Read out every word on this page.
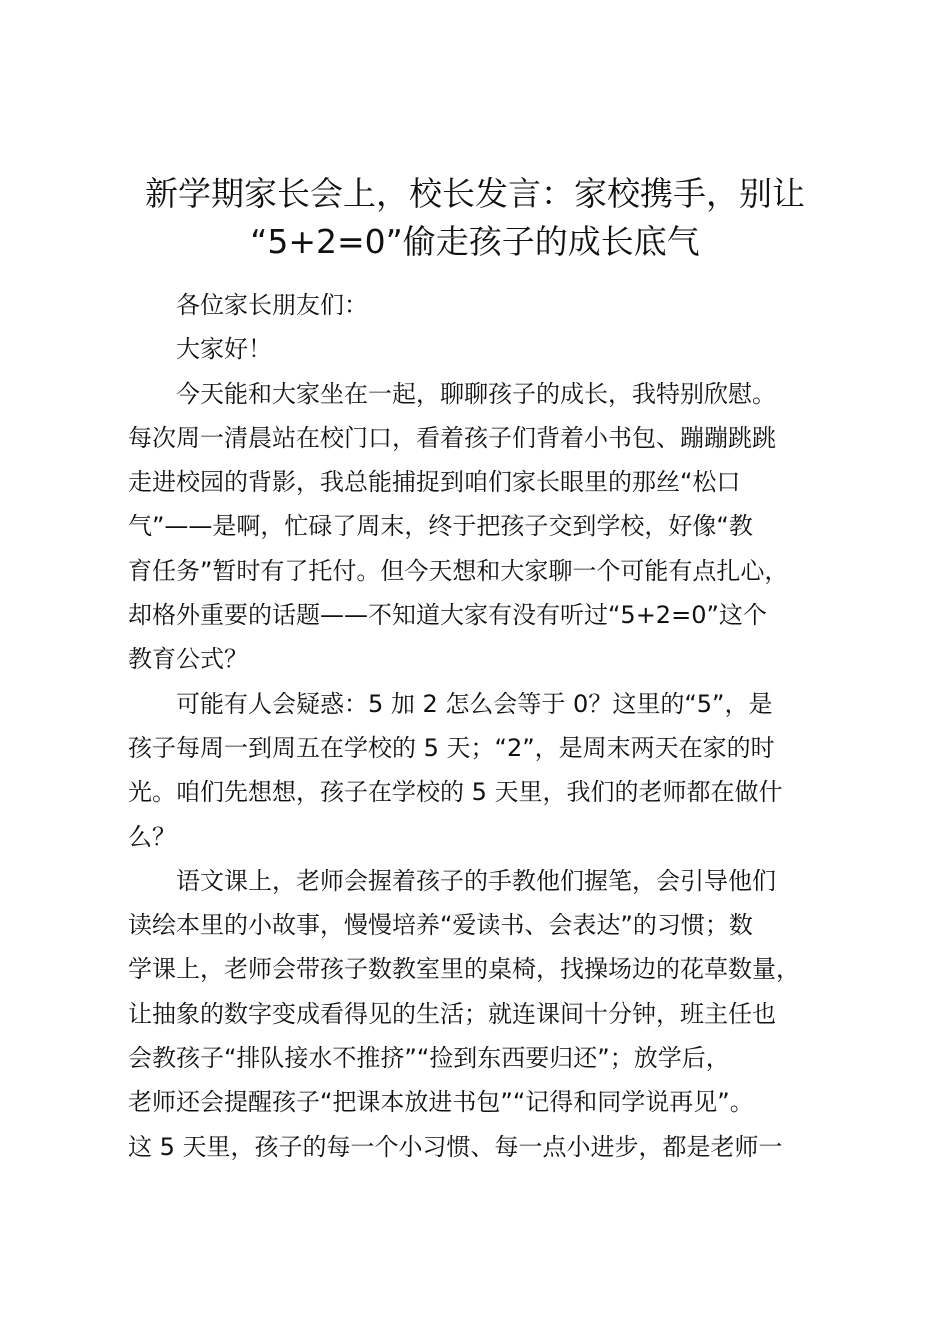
新学期家长会上，校长发言：家校携手，别让
“5+2=0”偷走孩子的成长底气
各位家长朋友们：
大家好！
今天能和大家坐在一起，聊聊孩子的成长，我特别欣慰。
每次周一清晨站在校门口，看着孩子们背着小书包、蹦蹦跳跳
走进校园的背影，我总能捕捉到咱们家长眼里的那丝“松口
气”——是啊，忙碌了周末，终于把孩子交到学校，好像“教
育任务”暂时有了托付。但今天想和大家聊一个可能有点扎心，
却格外重要的话题——不知道大家有没有听过“5+2=0”这个
教育公式？
可能有人会疑惑：5 加 2 怎么会等于 0？这里的“5”，是
孩子每周一到周五在学校的 5 天；“2”，是周末两天在家的时
光。咱们先想想，孩子在学校的 5 天里，我们的老师都在做什
么？
语文课上，老师会握着孩子的手教他们握笔，会引导他们
读绘本里的小故事，慢慢培养“爱读书、会表达”的习惯；数
学课上，老师会带孩子数教室里的桌椅，找操场边的花草数量，
让抽象的数字变成看得见的生活；就连课间十分钟，班主任也
会教孩子“排队接水不推挤”“捡到东西要归还”；放学后，
老师还会提醒孩子“把课本放进书包”“记得和同学说再见”。
这 5 天里，孩子的每一个小习惯、每一点小进步，都是老师一
